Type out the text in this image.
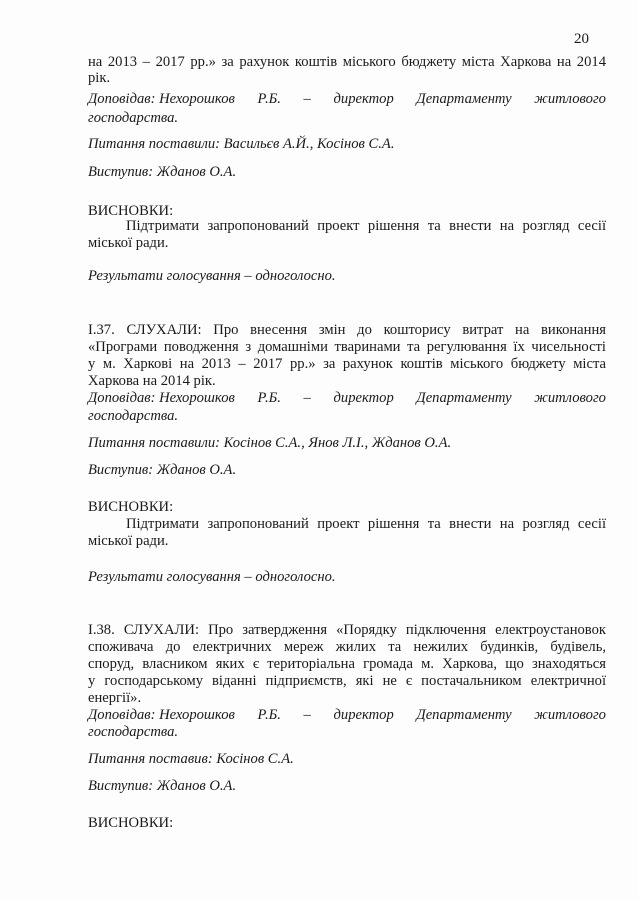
20
на 2013 – 2017 рр.» за рахунок коштів міського бюджету міста Харкова на 2014
рік.
Доповідав: Нехорошков Р.Б. – директор Департаменту житлового
господарства.
Питання поставили: Васильєв А.Й., Косінов С.А.
Виступив: Жданов О.А.
ВИСНОВКИ:
Підтримати запропонований проект рішення та внести на розгляд сесії
міської ради.
Результати голосування – одноголосно.
І.37. СЛУХАЛИ: Про внесення змін до кошторису витрат на виконання
«Програми поводження з домашніми тваринами та регулювання їх чисельності
у м. Харкові на 2013 – 2017 рр.» за рахунок коштів міського бюджету міста
Харкова на 2014 рік.
Доповідав: Нехорошков Р.Б. – директор Департаменту житлового
господарства.
Питання поставили: Косінов С.А., Янов Л.І., Жданов О.А.
Виступив: Жданов О.А.
ВИСНОВКИ:
Підтримати запропонований проект рішення та внести на розгляд сесії
міської ради.
Результати голосування – одноголосно.
І.38. СЛУХАЛИ: Про затвердження «Порядку підключення електроустановок
споживача до електричних мереж жилих та нежилих будинків, будівель,
споруд, власником яких є територіальна громада м. Харкова, що знаходяться
у господарському віданні підприємств, які не є постачальником електричної
енергії».
Доповідав: Нехорошков Р.Б. – директор Департаменту житлового
господарства.
Питання поставив: Косінов С.А.
Виступив: Жданов О.А.
ВИСНОВКИ:
